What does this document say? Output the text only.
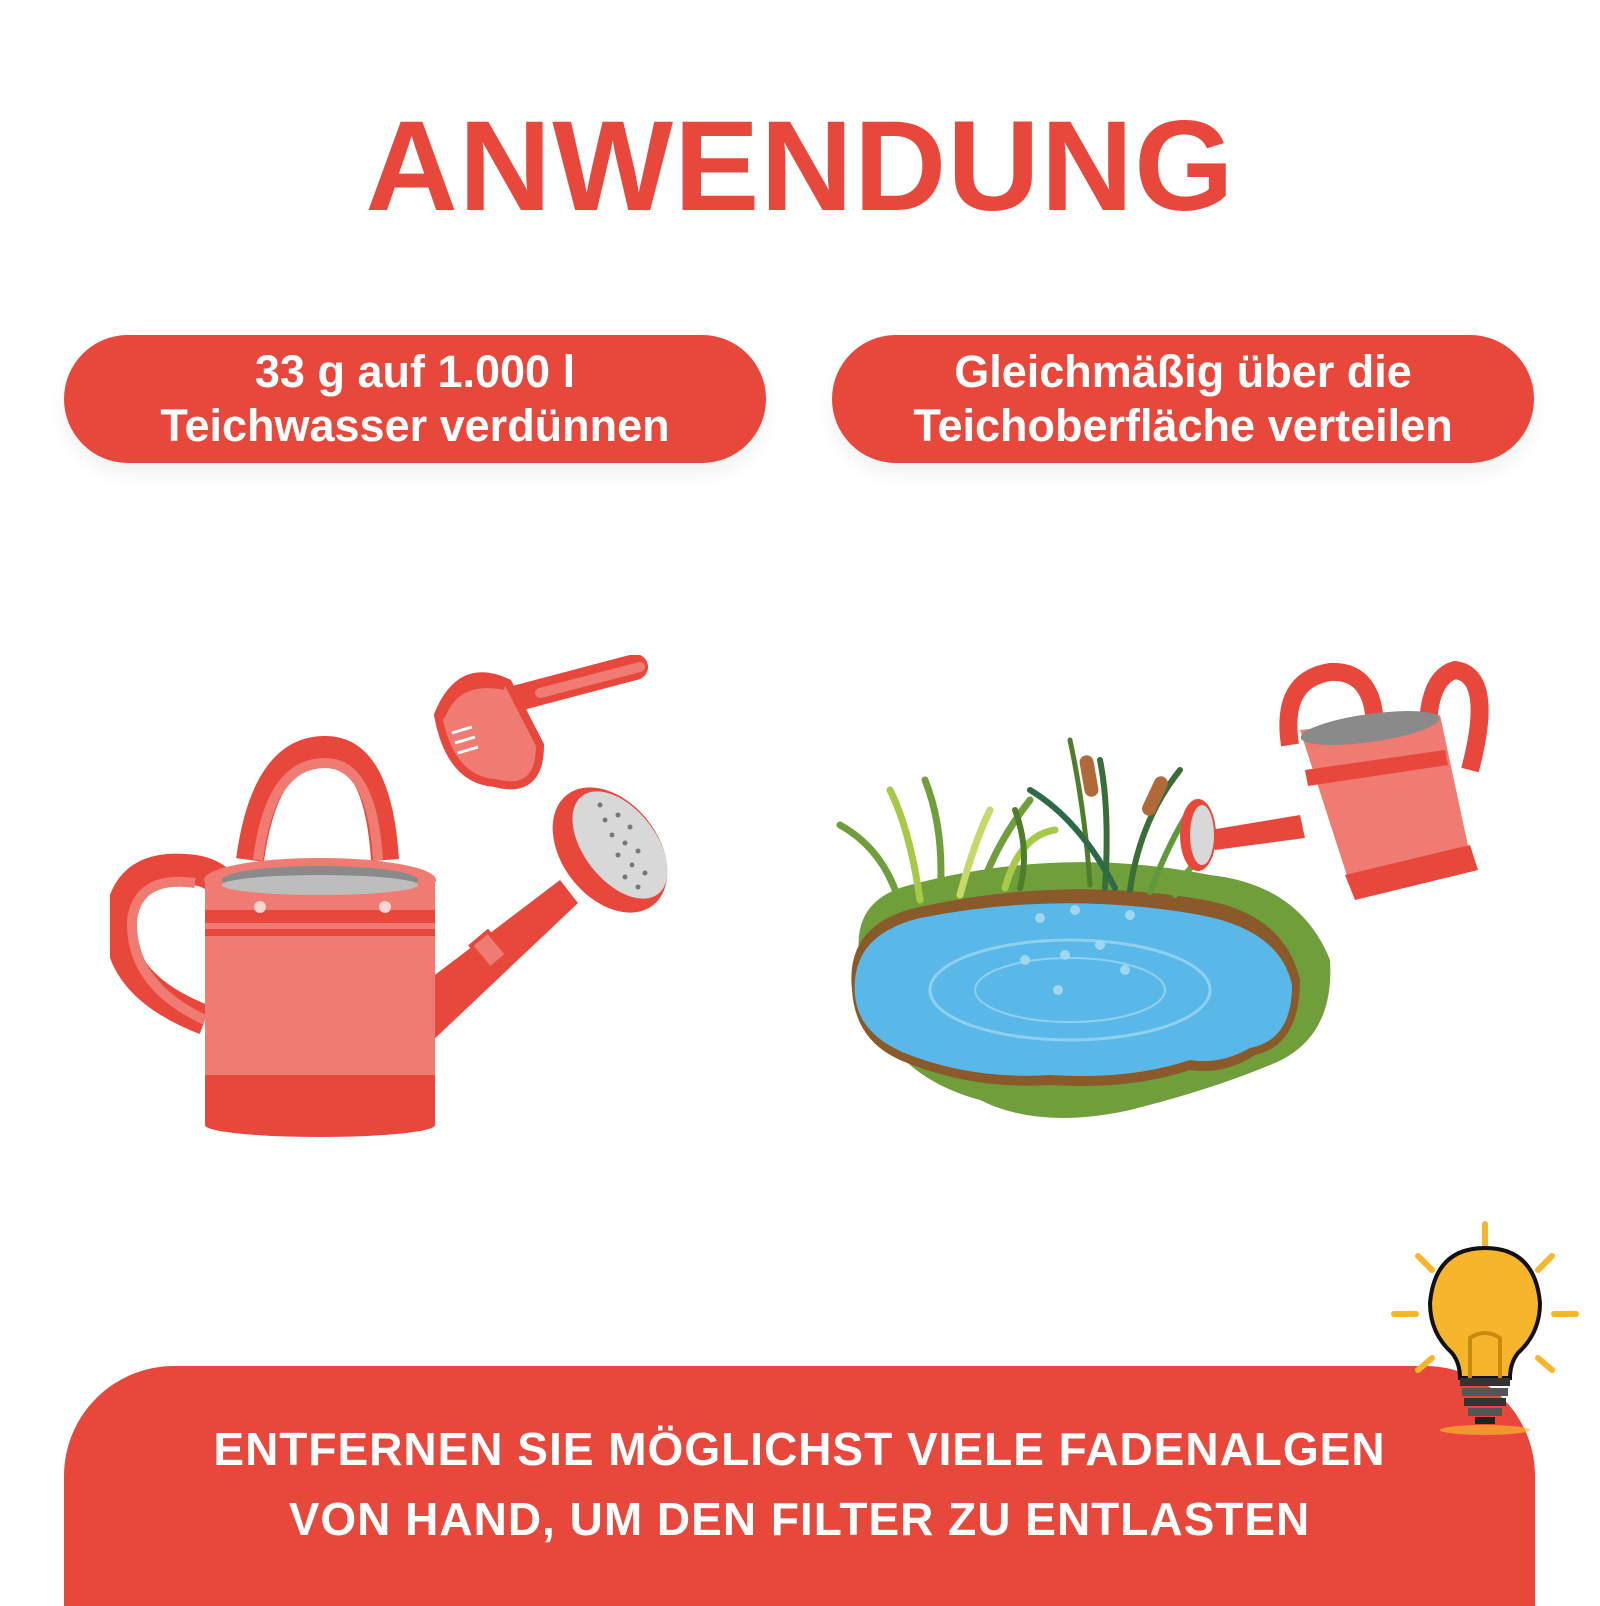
ANWENDUNG
33 g auf 1.000 l
Teichwasser verdünnen
Gleichmäßig über die
Teichoberfläche verteilen
ENTFERNEN SIE MÖGLICHST VIELE FADENALGEN
VON HAND, UM DEN FILTER ZU ENTLASTEN
